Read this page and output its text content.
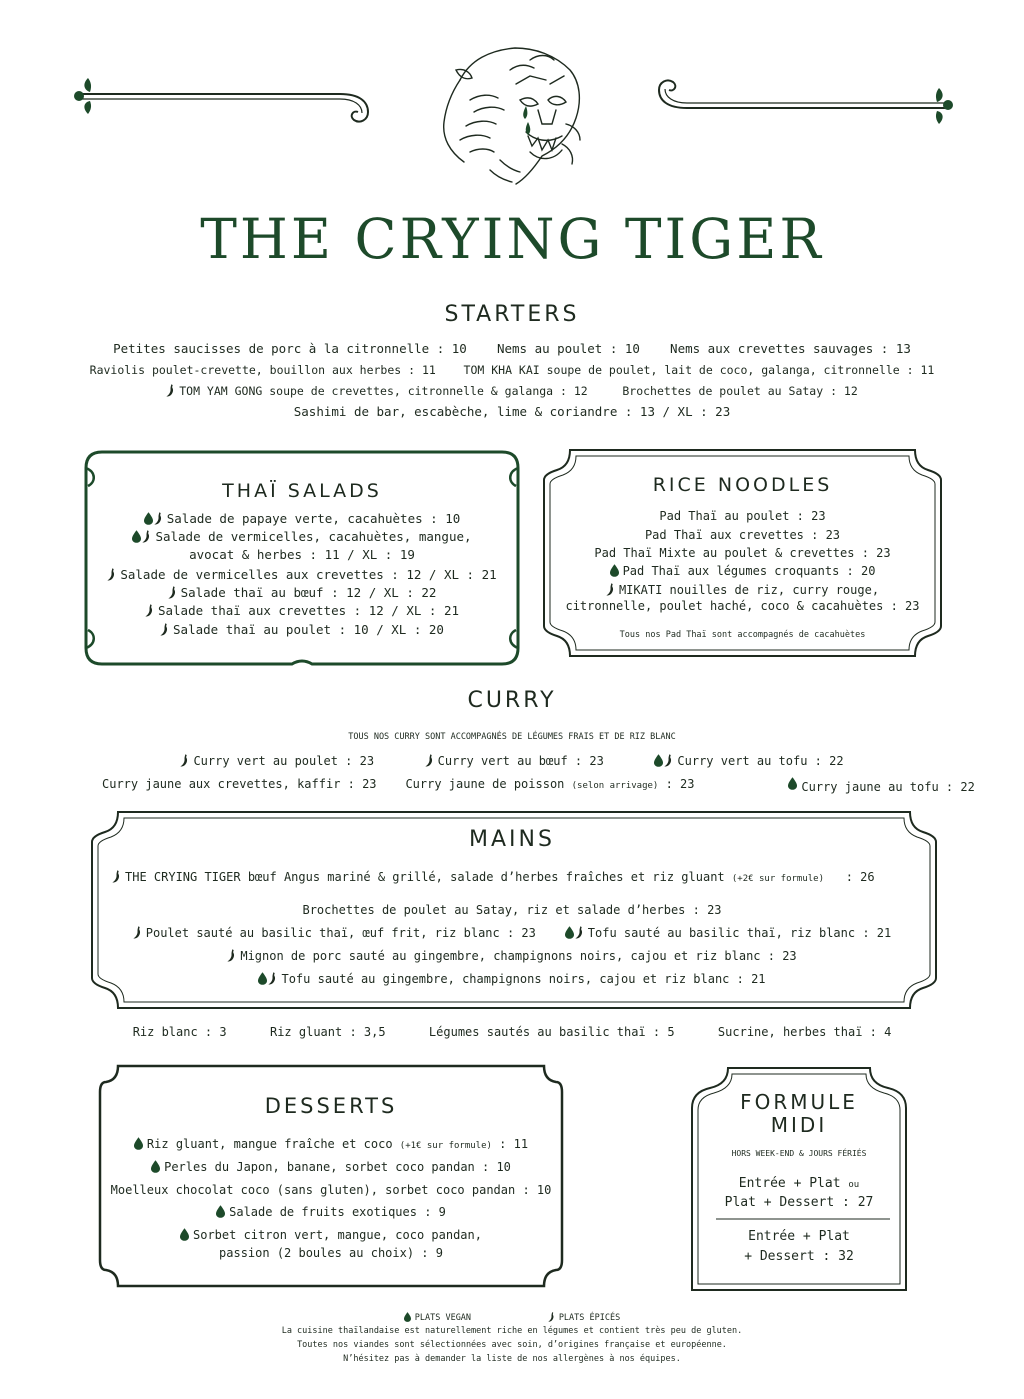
THE CRYING TIGER
STARTERS
Petites saucisses de porc à la citronnelle : 10 Nems au poulet : 10 Nems aux crevettes sauvages : 13
Raviolis poulet-crevette, bouillon aux herbes : 11 TOM KHA KAI soupe de poulet, lait de coco, galanga, citronnelle : 11
TOM YAM GONG soupe de crevettes, citronnelle & galanga : 12	Brochettes de poulet au Satay : 12
Sashimi de bar, escabèche, lime & coriandre : 13 / XL : 23
THAÏ SALADS
Salade de papaye verte, cacahuètes : 10
Salade de vermicelles, cacahuètes, mangue,
avocat & herbes : 11 / XL : 19
Salade de vermicelles aux crevettes : 12 / XL : 21
Salade thaï au bœuf : 12 / XL : 22
Salade thaï aux crevettes : 12 / XL : 21
Salade thaï au poulet : 10 / XL : 20
RICE NOODLES
Pad Thaï au poulet : 23
Pad Thaï aux crevettes : 23
Pad Thaï Mixte au poulet & crevettes : 23
Pad Thaï aux légumes croquants : 20
MIKATI nouilles de riz, curry rouge,
citronnelle, poulet haché, coco & cacahuètes : 23
Tous nos Pad Thaï sont accompagnés de cacahuètes
CURRY
TOUS NOS CURRY SONT ACCOMPAGNÉS DE LÉGUMES FRAIS ET DE RIZ BLANC
Curry vert au poulet : 23	Curry vert au bœuf : 23	Curry vert au tofu : 22
Curry jaune aux crevettes, kaffir : 23 Curry jaune de poisson (selon arrivage) : 23	Curry jaune au tofu : 22
MAINS
THE CRYING TIGER bœuf Angus mariné & grillé, salade d’herbes fraîches et riz gluant (+2€ sur formule) : 26
Brochettes de poulet au Satay, riz et salade d’herbes : 23
Poulet sauté au basilic thaï, œuf frit, riz blanc : 23	Tofu sauté au basilic thaï, riz blanc : 21
Mignon de porc sauté au gingembre, champignons noirs, cajou et riz blanc : 23
Tofu sauté au gingembre, champignons noirs, cajou et riz blanc : 21
Riz blanc : 3	Riz gluant : 3,5	Légumes sautés au basilic thaï : 5	Sucrine, herbes thaï : 4
DESSERTS
Riz gluant, mangue fraîche et coco (+1€ sur formule) : 11
Perles du Japon, banane, sorbet coco pandan : 10
Moelleux chocolat coco (sans gluten), sorbet coco pandan : 10
Salade de fruits exotiques : 9
Sorbet citron vert, mangue, coco pandan,
passion (2 boules au choix) : 9
FORMULE
MIDI
HORS WEEK-END & JOURS FÉRIÉS
Entrée + Plat ou
Plat + Dessert : 27
Entrée + Plat
+ Dessert : 32
PLATS VEGAN	PLATS ÉPICÉS
La cuisine thaïlandaise est naturellement riche en légumes et contient très peu de gluten.
Toutes nos viandes sont sélectionnées avec soin, d’origines française et européenne.
N’hésitez pas à demander la liste de nos allergènes à nos équipes.
